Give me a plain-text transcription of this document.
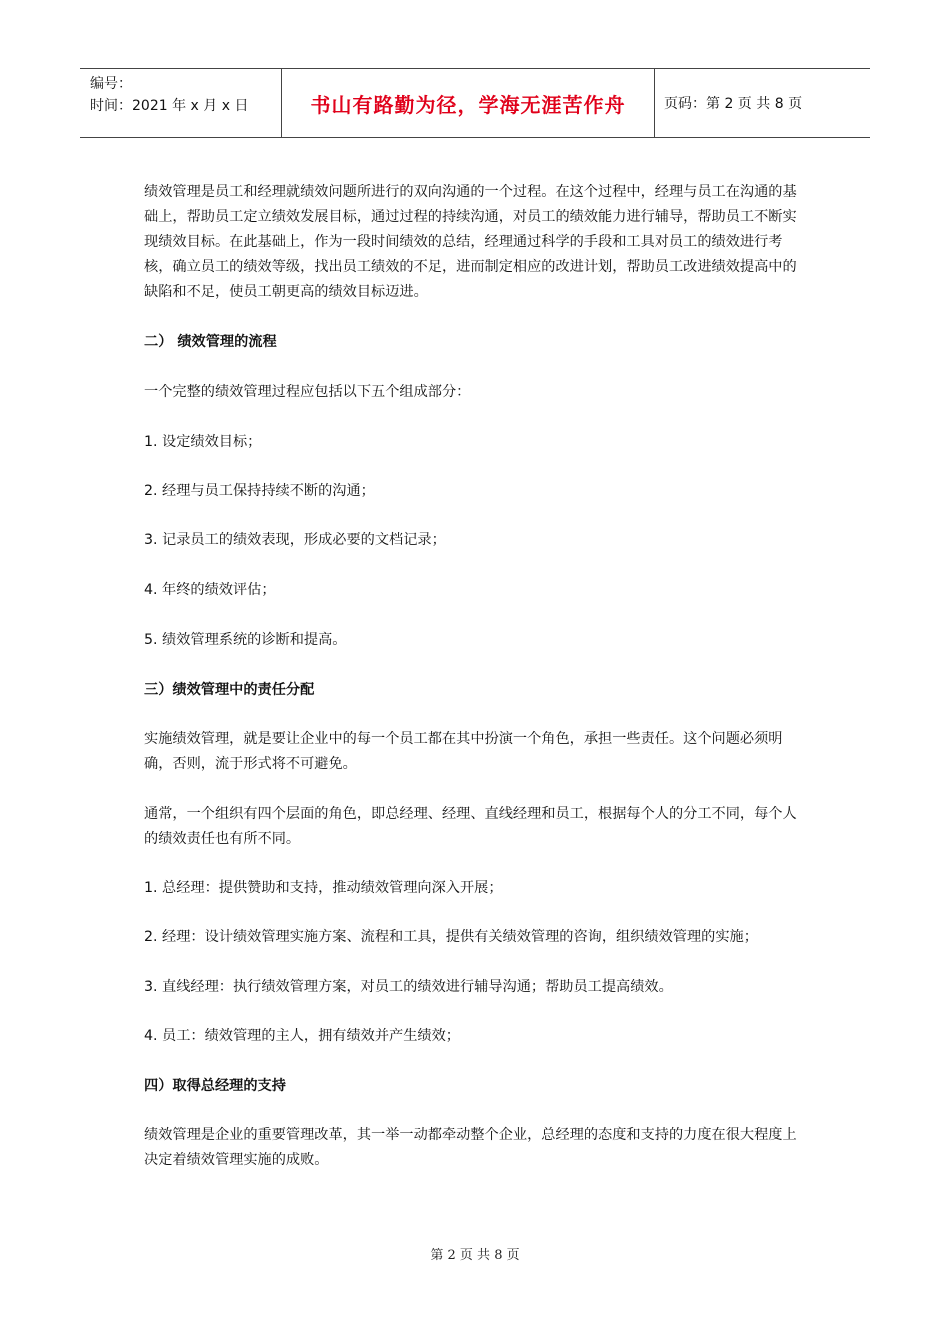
编号：
时间：2021 年 x 月 x 日	书山有路勤为径，学海无涯苦作舟	页码：第 2 页 共 8 页

绩效管理是员工和经理就绩效问题所进行的双向沟通的一个过程。在这个过程中，经理与员工在沟通的基础上，帮助员工定立绩效发展目标，通过过程的持续沟通，对员工的绩效能力进行辅导，帮助员工不断实现绩效目标。在此基础上，作为一段时间绩效的总结，经理通过科学的手段和工具对员工的绩效进行考核，确立员工的绩效等级，找出员工绩效的不足，进而制定相应的改进计划，帮助员工改进绩效提高中的缺陷和不足，使员工朝更高的绩效目标迈进。

二） 绩效管理的流程

一个完整的绩效管理过程应包括以下五个组成部分：

1. 设定绩效目标；

2. 经理与员工保持持续不断的沟通；

3. 记录员工的绩效表现，形成必要的文档记录；

4. 年终的绩效评估；

5. 绩效管理系统的诊断和提高。

三）绩效管理中的责任分配

实施绩效管理，就是要让企业中的每一个员工都在其中扮演一个角色，承担一些责任。这个问题必须明确，否则，流于形式将不可避免。

通常，一个组织有四个层面的角色，即总经理、经理、直线经理和员工，根据每个人的分工不同，每个人的绩效责任也有所不同。

1. 总经理：提供赞助和支持，推动绩效管理向深入开展；

2. 经理：设计绩效管理实施方案、流程和工具，提供有关绩效管理的咨询，组织绩效管理的实施；

3. 直线经理：执行绩效管理方案，对员工的绩效进行辅导沟通；帮助员工提高绩效。

4. 员工：绩效管理的主人，拥有绩效并产生绩效；

四）取得总经理的支持

绩效管理是企业的重要管理改革，其一举一动都牵动整个企业，总经理的态度和支持的力度在很大程度上决定着绩效管理实施的成败。

第 2 页 共 8 页
